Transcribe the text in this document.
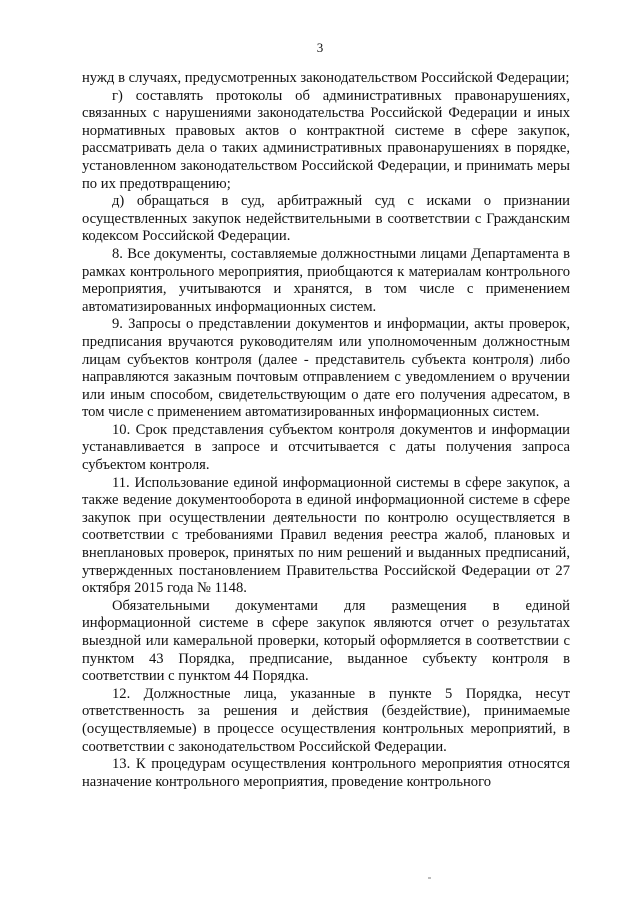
3

нужд в случаях, предусмотренных законодательством Российской Федерации;

г) составлять протоколы об административных правонарушениях, связанных с нарушениями законодательства Российской Федерации и иных нормативных правовых актов о контрактной системе в сфере закупок, рассматривать дела о таких административных правонарушениях в порядке, установленном законодательством Российской Федерации, и принимать меры по их предотвращению;

д) обращаться в суд, арбитражный суд с исками о признании осуществленных закупок недействительными в соответствии с Гражданским кодексом Российской Федерации.

8. Все документы, составляемые должностными лицами Департамента в рамках контрольного мероприятия, приобщаются к материалам контрольного мероприятия, учитываются и хранятся, в том числе с применением автоматизированных информационных систем.

9. Запросы о представлении документов и информации, акты проверок, предписания вручаются руководителям или уполномоченным должностным лицам субъектов контроля (далее - представитель субъекта контроля) либо направляются заказным почтовым отправлением с уведомлением о вручении или иным способом, свидетельствующим о дате его получения адресатом, в том числе с применением автоматизированных информационных систем.

10. Срок представления субъектом контроля документов и информации устанавливается в запросе и отсчитывается с даты получения запроса субъектом контроля.

11. Использование единой информационной системы в сфере закупок, а также ведение документооборота в единой информационной системе в сфере закупок при осуществлении деятельности по контролю осуществляется в соответствии с требованиями Правил ведения реестра жалоб, плановых и внеплановых проверок, принятых по ним решений и выданных предписаний, утвержденных постановлением Правительства Российской Федерации от 27 октября 2015 года № 1148.

Обязательными документами для размещения в единой информационной системе в сфере закупок являются отчет о результатах выездной или камеральной проверки, который оформляется в соответствии с пунктом 43 Порядка, предписание, выданное субъекту контроля в соответствии с пунктом 44 Порядка.

12. Должностные лица, указанные в пункте 5 Порядка, несут ответственность за решения и действия (бездействие), принимаемые (осуществляемые) в процессе осуществления контрольных мероприятий, в соответствии с законодательством Российской Федерации.

13. К процедурам осуществления контрольного мероприятия относятся назначение контрольного мероприятия, проведение контрольного
